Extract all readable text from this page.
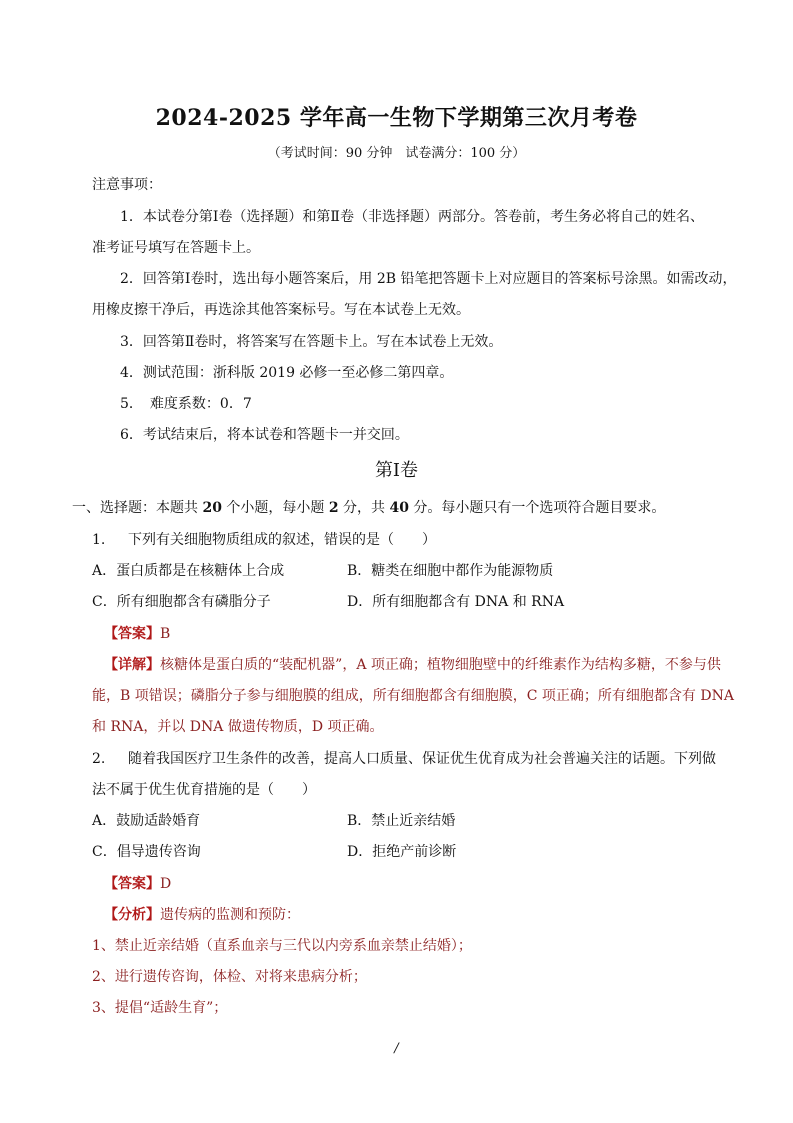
2024-2025 学年高一生物下学期第三次月考卷
（考试时间：90 分钟　试卷满分：100 分）
注意事项：
1．本试卷分第Ⅰ卷（选择题）和第Ⅱ卷（非选择题）两部分。答卷前，考生务必将自己的姓名、
准考证号填写在答题卡上。
2．回答第Ⅰ卷时，选出每小题答案后，用 2B 铅笔把答题卡上对应题目的答案标号涂黑。如需改动，
用橡皮擦干净后，再选涂其他答案标号。写在本试卷上无效。
3．回答第Ⅱ卷时，将答案写在答题卡上。写在本试卷上无效。
4．测试范围：浙科版 2019 必修一至必修二第四章。
5．　难度系数：0．7
6．考试结束后，将本试卷和答题卡一并交回。
第Ⅰ卷
一、选择题：本题共 20 个小题，每小题 2 分，共 40 分。每小题只有一个选项符合题目要求。
1. 下列有关细胞物质组成的叙述，错误的是（　　）
A．蛋白质都是在核糖体上合成	B．糖类在细胞中都作为能源物质
C．所有细胞都含有磷脂分子	D．所有细胞都含有 DNA 和 RNA
【答案】B
【详解】核糖体是蛋白质的“装配机器”，A 项正确；植物细胞壁中的纤维素作为结构多糖，不参与供
能，B 项错误；磷脂分子参与细胞膜的组成，所有细胞都含有细胞膜，C 项正确；所有细胞都含有 DNA
和 RNA，并以 DNA 做遗传物质，D 项正确。
2. 随着我国医疗卫生条件的改善，提高人口质量、保证优生优育成为社会普遍关注的话题。下列做
法不属于优生优育措施的是（　　）
A．鼓励适龄婚育	B．禁止近亲结婚
C．倡导遗传咨询	D．拒绝产前诊断
【答案】D
【分析】遗传病的监测和预防：
1、禁止近亲结婚（直系血亲与三代以内旁系血亲禁止结婚）；
2、进行遗传咨询，体检、对将来患病分析；
3、提倡“适龄生育”；
/
